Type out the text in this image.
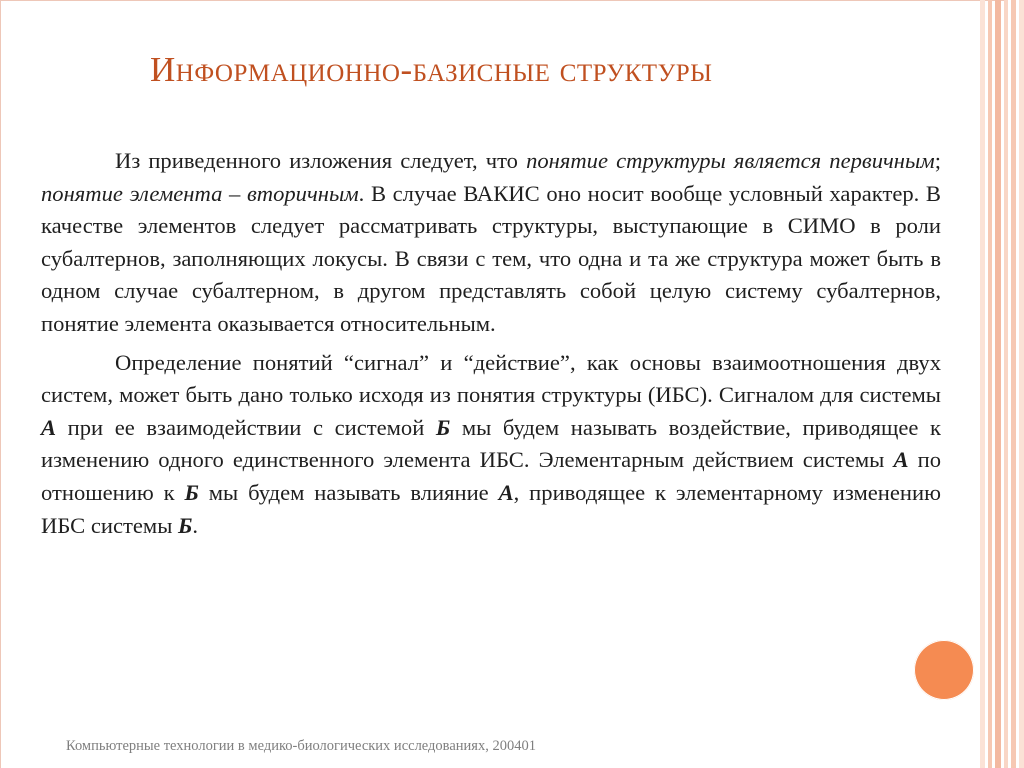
Информационно-базисные структуры

Из приведенного изложения следует, что понятие структуры является первичным; понятие элемента – вторичным. В случае ВАКИС оно носит вообще условный характер. В качестве элементов следует рассматривать структуры, выступающие в СИМО в роли субалтернов, заполняющих локусы. В связи с тем, что одна и та же структура может быть в одном случае субалтерном, в другом представлять собой целую систему субалтернов, понятие элемента оказывается относительным.

Определение понятий “сигнал” и “действие”, как основы взаимоотношения двух систем, может быть дано только исходя из понятия структуры (ИБС). Сигналом для системы А при ее взаимодействии с системой Б мы будем называть воздействие, приводящее к изменению одного единственного элемента ИБС. Элементарным действием системы А по отношению к Б мы будем называть влияние А, приводящее к элементарному изменению ИБС системы Б.

Компьютерные технологии в медико-биологических исследованиях, 200401
